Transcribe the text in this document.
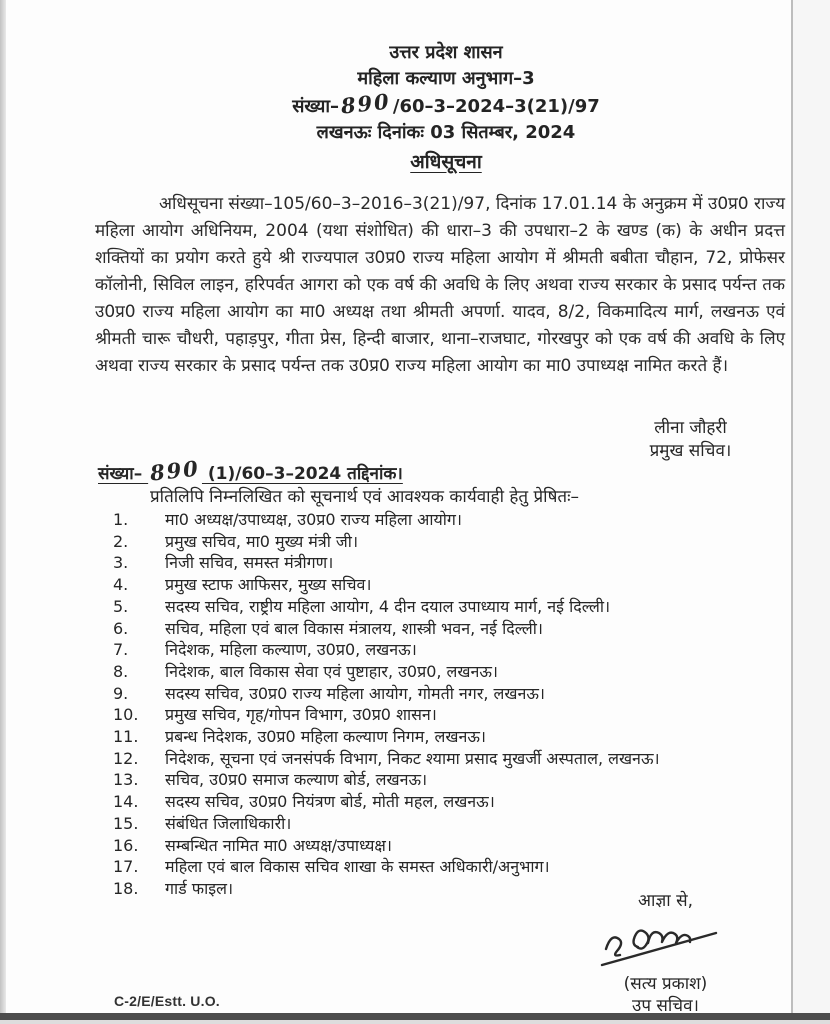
उत्तर प्रदेश शासन
महिला कल्याण अनुभाग–3
संख्या–890/60–3–2024–3(21)/97
लखनऊः दिनांकः 03 सितम्बर, 2024
अधिसूचना
अधिसूचना संख्या–105/60–3–2016–3(21)/97, दिनांक 17.01.14 के अनुक्रम में उ0प्र0 राज्य महिला आयोग अधिनियम, 2004 (यथा संशोधित) की धारा–3 की उपधारा–2 के खण्ड (क) के अधीन प्रदत्त शक्तियों का प्रयोग करते हुये श्री राज्यपाल उ0प्र0 राज्य महिला आयोग में श्रीमती बबीता चौहान, 72, प्रोफेसर कॉलोनी, सिविल लाइन, हरिपर्वत आगरा को एक वर्ष की अवधि के लिए अथवा राज्य सरकार के प्रसाद पर्यन्त तक उ0प्र0 राज्य महिला आयोग का मा0 अध्यक्ष तथा श्रीमती अपर्णा. यादव, 8/2, विकमादित्य मार्ग, लखनऊ एवं श्रीमती चारू चौधरी, पहाड़पुर, गीता प्रेस, हिन्दी बाजार, थाना–राजघाट, गोरखपुर को एक वर्ष की अवधि के लिए अथवा राज्य सरकार के प्रसाद पर्यन्त तक उ0प्र0 राज्य महिला आयोग का मा0 उपाध्यक्ष नामित करते हैं।
लीना जौहरी
प्रमुख सचिव।
संख्या– 890 (1)/60–3–2024 तद्दिनांक।
प्रतिलिपि निम्नलिखित को सूचनार्थ एवं आवश्यक कार्यवाही हेतु प्रेषितः–
1.	मा0 अध्यक्ष/उपाध्यक्ष, उ0प्र0 राज्य महिला आयोग।
2.	प्रमुख सचिव, मा0 मुख्य मंत्री जी।
3.	निजी सचिव, समस्त मंत्रीगण।
4.	प्रमुख स्टाफ आफिसर, मुख्य सचिव।
5.	सदस्य सचिव, राष्ट्रीय महिला आयोग, 4 दीन दयाल उपाध्याय मार्ग, नई दिल्ली।
6.	सचिव, महिला एवं बाल विकास मंत्रालय, शास्त्री भवन, नई दिल्ली।
7.	निदेशक, महिला कल्याण, उ0प्र0, लखनऊ।
8.	निदेशक, बाल विकास सेवा एवं पुष्टाहार, उ0प्र0, लखनऊ।
9.	सदस्य सचिव, उ0प्र0 राज्य महिला आयोग, गोमती नगर, लखनऊ।
10.	प्रमुख सचिव, गृह/गोपन विभाग, उ0प्र0 शासन।
11.	प्रबन्ध निदेशक, उ0प्र0 महिला कल्याण निगम, लखनऊ।
12.	निदेशक, सूचना एवं जनसंपर्क विभाग, निकट श्यामा प्रसाद मुखर्जी अस्पताल, लखनऊ।
13.	सचिव, उ0प्र0 समाज कल्याण बोर्ड, लखनऊ।
14.	सदस्य सचिव, उ0प्र0 नियंत्रण बोर्ड, मोती महल, लखनऊ।
15.	संबंधित जिलाधिकारी।
16.	सम्बन्धित नामित मा0 अध्यक्ष/उपाध्यक्ष।
17.	महिला एवं बाल विकास सचिव शाखा के समस्त अधिकारी/अनुभाग।
18.	गार्ड फाइल।
आज्ञा से,
(सत्य प्रकाश)
उप सचिव।
C-2/E/Estt. U.O.
